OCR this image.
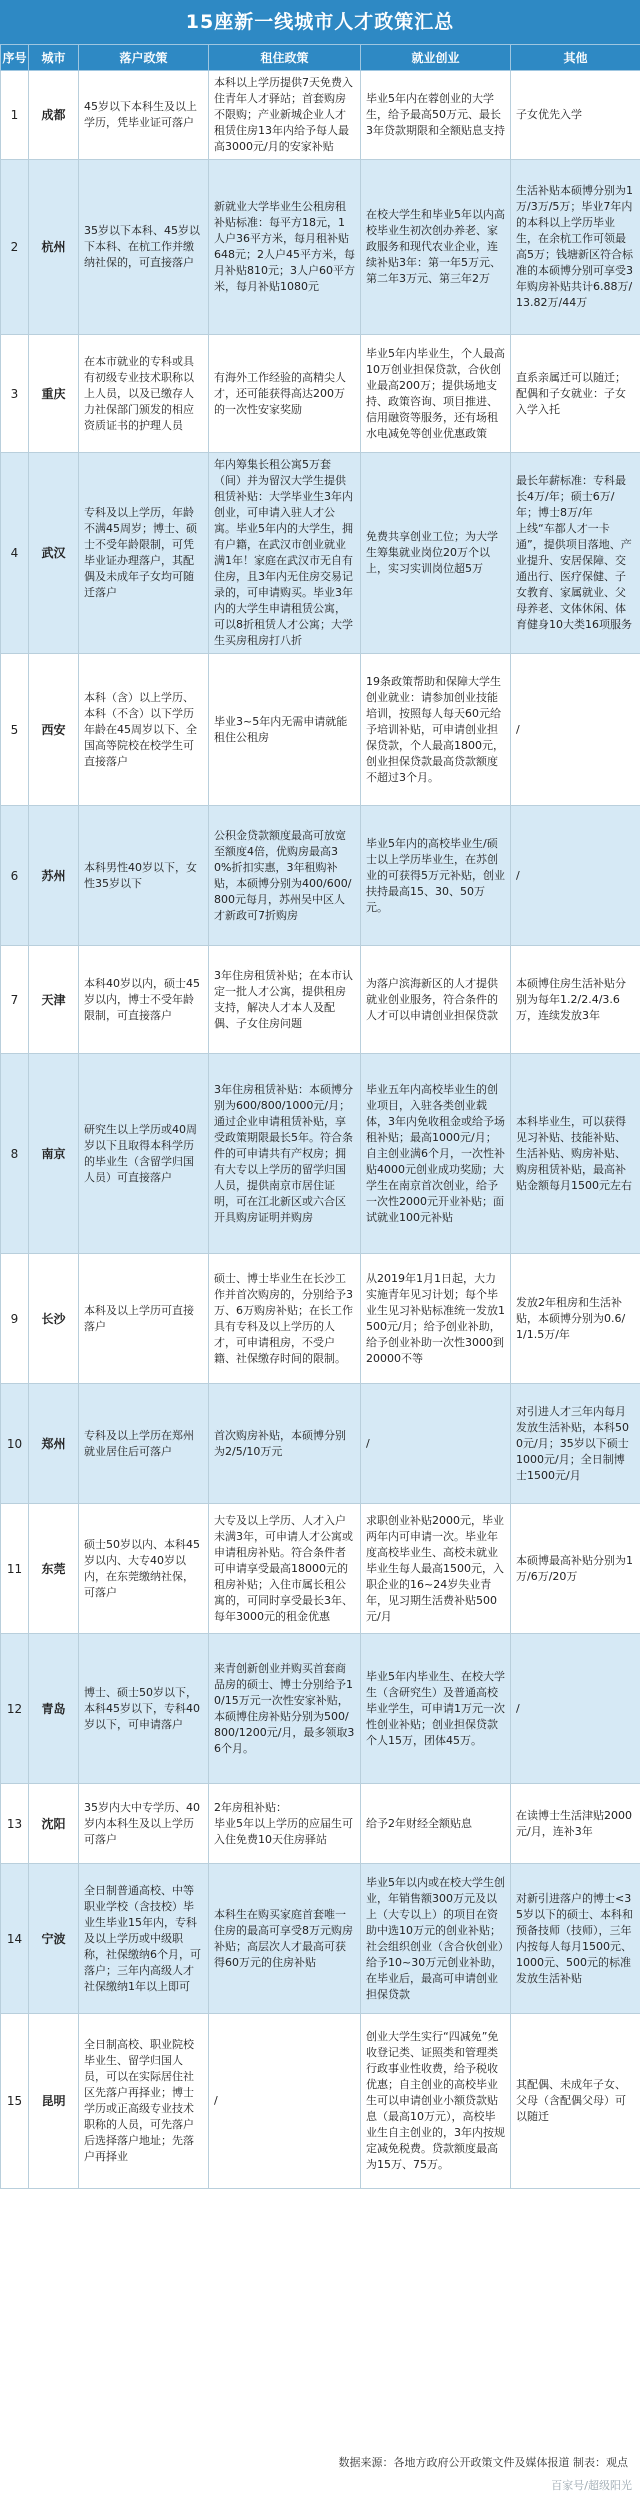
15座新一线城市人才政策汇总
序号	城市	落户政策	租住政策	就业创业	其他
1	成都	45岁以下本科生及以上学历，凭毕业证可落户	本科以上学历提供7天免费入住青年人才驿站；首套购房不限购；产业新城企业人才租赁住房13年内给予每人最高3000元/月的安家补贴	毕业5年内在蓉创业的大学生，给予最高50万元、最长3年贷款期限和全额贴息支持	子女优先入学
2	杭州	35岁以下本科、45岁以下本科、在杭工作并缴纳社保的，可直接落户	新就业大学毕业生公租房租补贴标准：每平方18元，1人户36平方米，每月租补贴648元；2人户45平方米，每月补贴810元；3人户60平方米，每月补贴1080元	在校大学生和毕业5年以内高校毕业生初次创办养老、家政服务和现代农业企业，连续补贴3年：第一年5万元、第二年3万元、第三年2万	生活补贴本硕博分别为1万/3万/5万；毕业7年内的本科以上学历毕业生，在余杭工作可领最高5万；钱塘新区符合标准的本硕博分别可享受3年购房补贴共计6.88万/13.82万/44万
3	重庆	在本市就业的专科或具有初级专业技术职称以上人员，以及已缴存人力社保部门颁发的相应资质证书的护理人员	有海外工作经验的高精尖人才，还可能获得高达200万的一次性安家奖励	毕业5年内毕业生，个人最高10万创业担保贷款，合伙创业最高200万；提供场地支持、政策咨询、项目推进、信用融资等服务，还有场租水电减免等创业优惠政策	直系亲属迁可以随迁；配偶和子女就业：子女入学入托
4	武汉	专科及以上学历，年龄不满45周岁；博士、硕士不受年龄限制，可凭毕业证办理落户，其配偶及未成年子女均可随迁落户	年内筹集长租公寓5万套（间）并为留汉大学生提供租赁补贴：大学毕业生3年内创业，可申请入驻人才公寓。毕业5年内的大学生，拥有户籍，在武汉市创业就业满1年！家庭在武汉市无自有住房，且3年内无住房交易记录的，可申请购买。毕业3年内的大学生申请租赁公寓，可以8折租赁人才公寓；大学生买房租房打八折	免费共享创业工位；为大学生筹集就业岗位20万个以上，实习实训岗位超5万	最长年薪标准：专科最长4万/年；硕士6万/年；博士8万/年
上线“车都人才一卡通”，提供项目落地、产业提升、安居保障、交通出行、医疗保健、子女教育、家属就业、父母养老、文体休闲、体育健身10大类16项服务
5	西安	本科（含）以上学历、本科（不含）以下学历年龄在45周岁以下、全国高等院校在校学生可直接落户	毕业3~5年内无需申请就能租住公租房	19条政策帮助和保障大学生创业就业：请参加创业技能培训，按照每人每天60元给予培训补贴，可申请创业担保贷款，个人最高1800元，创业担保贷款最高贷款额度不超过3个月。	/
6	苏州	本科男性40岁以下，女性35岁以下	公积金贷款额度最高可放宽至额度4倍，优购房最高30%折扣实惠，3年租购补贴，本硕博分别为400/600/800元每月，苏州吴中区人才新政可7折购房	毕业5年内的高校毕业生/硕士以上学历毕业生，在苏创业的可获得5万元补贴，创业扶持最高15、30、50万元。	/
7	天津	本科40岁以内，硕士45岁以内，博士不受年龄限制，可直接落户	3年住房租赁补贴；在本市认定一批人才公寓，提供租房支持，解决人才本人及配偶、子女住房问题	为落户滨海新区的人才提供就业创业服务，符合条件的人才可以申请创业担保贷款	本硕博住房生活补贴分别为每年1.2/2.4/3.6万，连续发放3年
8	南京	研究生以上学历或40周岁以下且取得本科学历的毕业生（含留学归国人员）可直接落户	3年住房租赁补贴：本硕博分别为600/800/1000元/月；通过企业申请租赁补贴，享受政策期限最长5年。符合条件的可申请共有产权房；拥有大专以上学历的留学归国人员，提供南京市居住证明，可在江北新区或六合区开具购房证明并购房	毕业五年内高校毕业生的创业项目，入驻各类创业载体，3年内免收租金或给予场租补贴；最高1000元/月；自主创业满6个月，一次性补贴4000元创业成功奖励；大学生在南京首次创业，给予一次性2000元开业补贴；面试就业100元补贴	本科毕业生，可以获得见习补贴、技能补贴、生活补贴、购房补贴、购房租赁补贴，最高补贴金额每月1500元左右
9	长沙	本科及以上学历可直接落户	硕士、博士毕业生在长沙工作并首次购房的，分别给予3万、6万购房补贴；在长工作具有专科及以上学历的人才，可申请租房，不受户籍、社保缴存时间的限制。	从2019年1月1日起，大力实施青年见习计划；每个毕业生见习补贴标准统一发放1500元/月；给予创业补助，给予创业补助一次性3000到20000不等	发放2年租房和生活补贴，本硕博分别为0.6/1/1.5万/年
10	郑州	专科及以上学历在郑州就业居住后可落户	首次购房补贴，本硕博分别为2/5/10万元	/	对引进人才三年内每月发放生活补贴，本科500元/月；35岁以下硕士1000元/月；全日制博士1500元/月
11	东莞	硕士50岁以内、本科45岁以内、大专40岁以内，在东莞缴纳社保，可落户	大专及以上学历、人才入户未满3年，可申请人才公寓或申请租房补贴。符合条件者可申请享受最高18000元的租房补贴；入住市属长租公寓的，可同时享受最长3年、每年3000元的租金优惠	求职创业补贴2000元，毕业两年内可申请一次。毕业年度高校毕业生、高校未就业毕业生每人最高1500元，入职企业的16~24岁失业青年，见习期生活费补贴500元/月	本硕博最高补贴分别为1万/6万/20万
12	青岛	博士、硕士50岁以下，本科45岁以下，专科40岁以下，可申请落户	来青创新创业并购买首套商品房的硕士、博士分别给予10/15万元一次性安家补贴，本硕博住房补贴分别为500/800/1200元/月，最多领取36个月。	毕业5年内毕业生、在校大学生（含研究生）及普通高校毕业学生，可申请1万元一次性创业补贴；创业担保贷款个人15万，团体45万。	/
13	沈阳	35岁内大中专学历、40岁内本科生及以上学历可落户	2年房租补贴：
毕业5年以上学历的应届生可入住免费10天住房驿站	给予2年财经全额贴息	在读博士生活津贴2000元/月，连补3年
14	宁波	全日制普通高校、中等职业学校（含技校）毕业生毕业15年内，专科及以上学历或中级职称，社保缴纳6个月，可落户；三年内高级人才社保缴纳1年以上即可	本科生在购买家庭首套唯一住房的最高可享受8万元购房补贴；高层次人才最高可获得60万元的住房补贴	毕业5年以内或在校大学生创业，年销售额300万元及以上（大专以上）的项目在资助中选10万元的创业补贴；社会组织创业（含合伙创业）给予10~30万元创业补助，在毕业后，最高可申请创业担保贷款	对新引进落户的博士<35岁以下的硕士、本科和预备技师（技师），三年内按每人每月1500元、1000元、500元的标准发放生活补贴
15	昆明	全日制高校、职业院校毕业生、留学归国人员，可以在实际居住社区先落户再择业；博士学历或正高级专业技术职称的人员，可先落户后选择落户地址；先落户再择业	/	创业大学生实行“四减免”免收登记类、证照类和管理类行政事业性收费，给予税收优惠；自主创业的高校毕业生可以申请创业小额贷款贴息（最高10万元），高校毕业生自主创业的，3年内按规定减免税费。贷款额度最高为15万、75万。	其配偶、未成年子女、父母（含配偶父母）可以随迁
数据来源：各地方政府公开政策文件及媒体报道 制表：观点
百家号/超级阳光
